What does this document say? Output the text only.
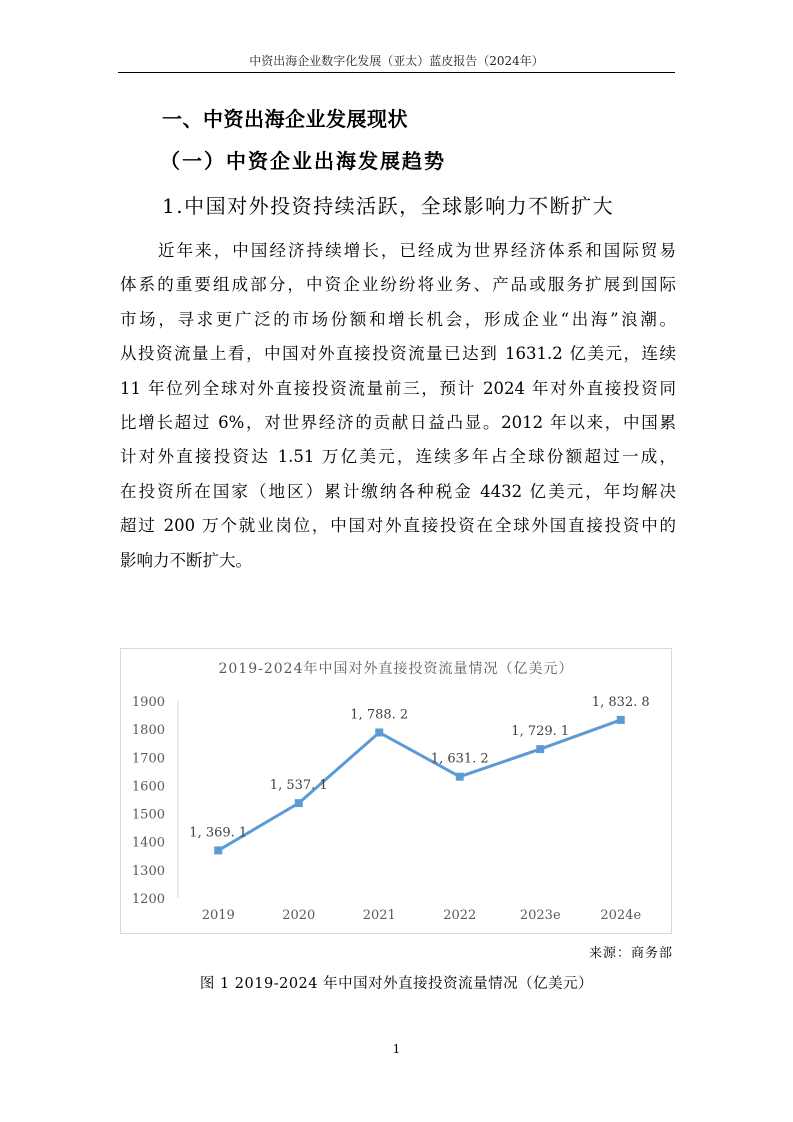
中资出海企业数字化发展（亚太）蓝皮报告（2024年）
一、中资出海企业发展现状
（一）中资企业出海发展趋势
1.中国对外投资持续活跃，全球影响力不断扩大
近年来，中国经济持续增长，已经成为世界经济体系和国际贸易
体系的重要组成部分，中资企业纷纷将业务、产品或服务扩展到国际
市场，寻求更广泛的市场份额和增长机会，形成企业“出海”浪潮。
从投资流量上看，中国对外直接投资流量已达到 1631.2 亿美元，连续
11 年位列全球对外直接投资流量前三，预计 2024 年对外直接投资同
比增长超过 6%，对世界经济的贡献日益凸显。2012 年以来，中国累
计对外直接投资达 1.51 万亿美元，连续多年占全球份额超过一成，
在投资所在国家（地区）累计缴纳各种税金 4432 亿美元，年均解决
超过 200 万个就业岗位，中国对外直接投资在全球外国直接投资中的
影响力不断扩大。
2019-2024年中国对外直接投资流量情况（亿美元）
1200
1300
1400
1500
1600
1700
1800
1900
2019	2020	2021	2022	2023e	2024e
1, 369. 1
1, 537. 1
1, 788. 2
1, 631. 2
1, 729. 1
1, 832. 8
来源：商务部
图 1 2019-2024 年中国对外直接投资流量情况（亿美元）
1
